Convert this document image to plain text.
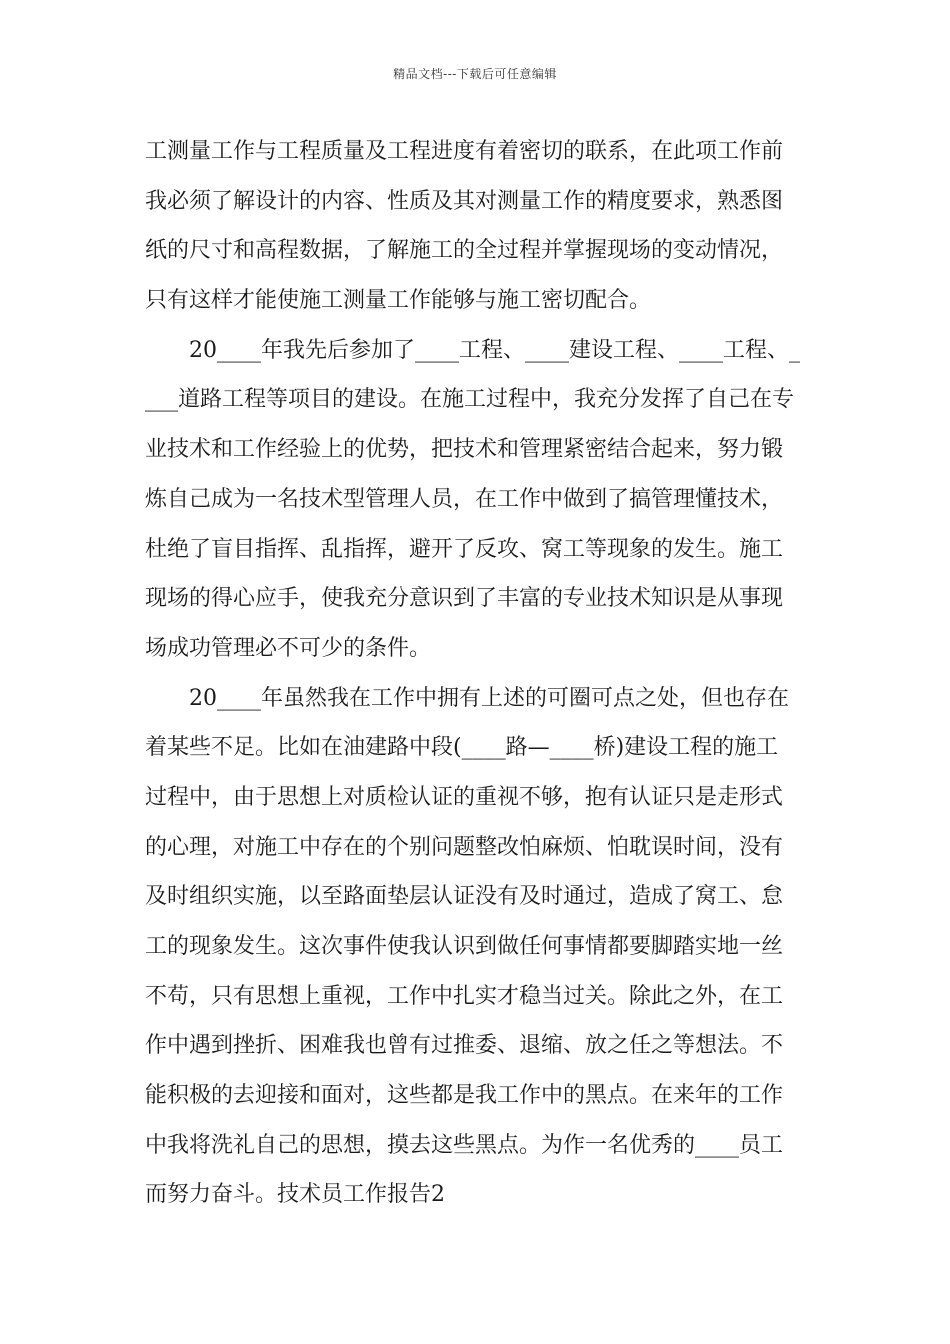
精品文档---下载后可任意编辑
工测量工作与工程质量及工程进度有着密切的联系，在此项工作前
我必须了解设计的内容、性质及其对测量工作的精度要求，熟悉图
纸的尺寸和高程数据，了解施工的全过程并掌握现场的变动情况，
只有这样才能使施工测量工作能够与施工密切配合。
20____年我先后参加了____工程、____建设工程、____工程、_
___道路工程等项目的建设。在施工过程中，我充分发挥了自己在专
业技术和工作经验上的优势，把技术和管理紧密结合起来，努力锻
炼自己成为一名技术型管理人员，在工作中做到了搞管理懂技术，
杜绝了盲目指挥、乱指挥，避开了反攻、窝工等现象的发生。施工
现场的得心应手，使我充分意识到了丰富的专业技术知识是从事现
场成功管理必不可少的条件。
20____年虽然我在工作中拥有上述的可圈可点之处，但也存在
着某些不足。比如在油建路中段(____路—____桥)建设工程的施工
过程中，由于思想上对质检认证的重视不够，抱有认证只是走形式
的心理，对施工中存在的个别问题整改怕麻烦、怕耽误时间，没有
及时组织实施，以至路面垫层认证没有及时通过，造成了窝工、怠
工的现象发生。这次事件使我认识到做任何事情都要脚踏实地一丝
不苟，只有思想上重视，工作中扎实才稳当过关。除此之外，在工
作中遇到挫折、困难我也曾有过推委、退缩、放之任之等想法。不
能积极的去迎接和面对，这些都是我工作中的黑点。在来年的工作
中我将洗礼自己的思想，摸去这些黑点。为作一名优秀的____员工
而努力奋斗。技术员工作报告2
